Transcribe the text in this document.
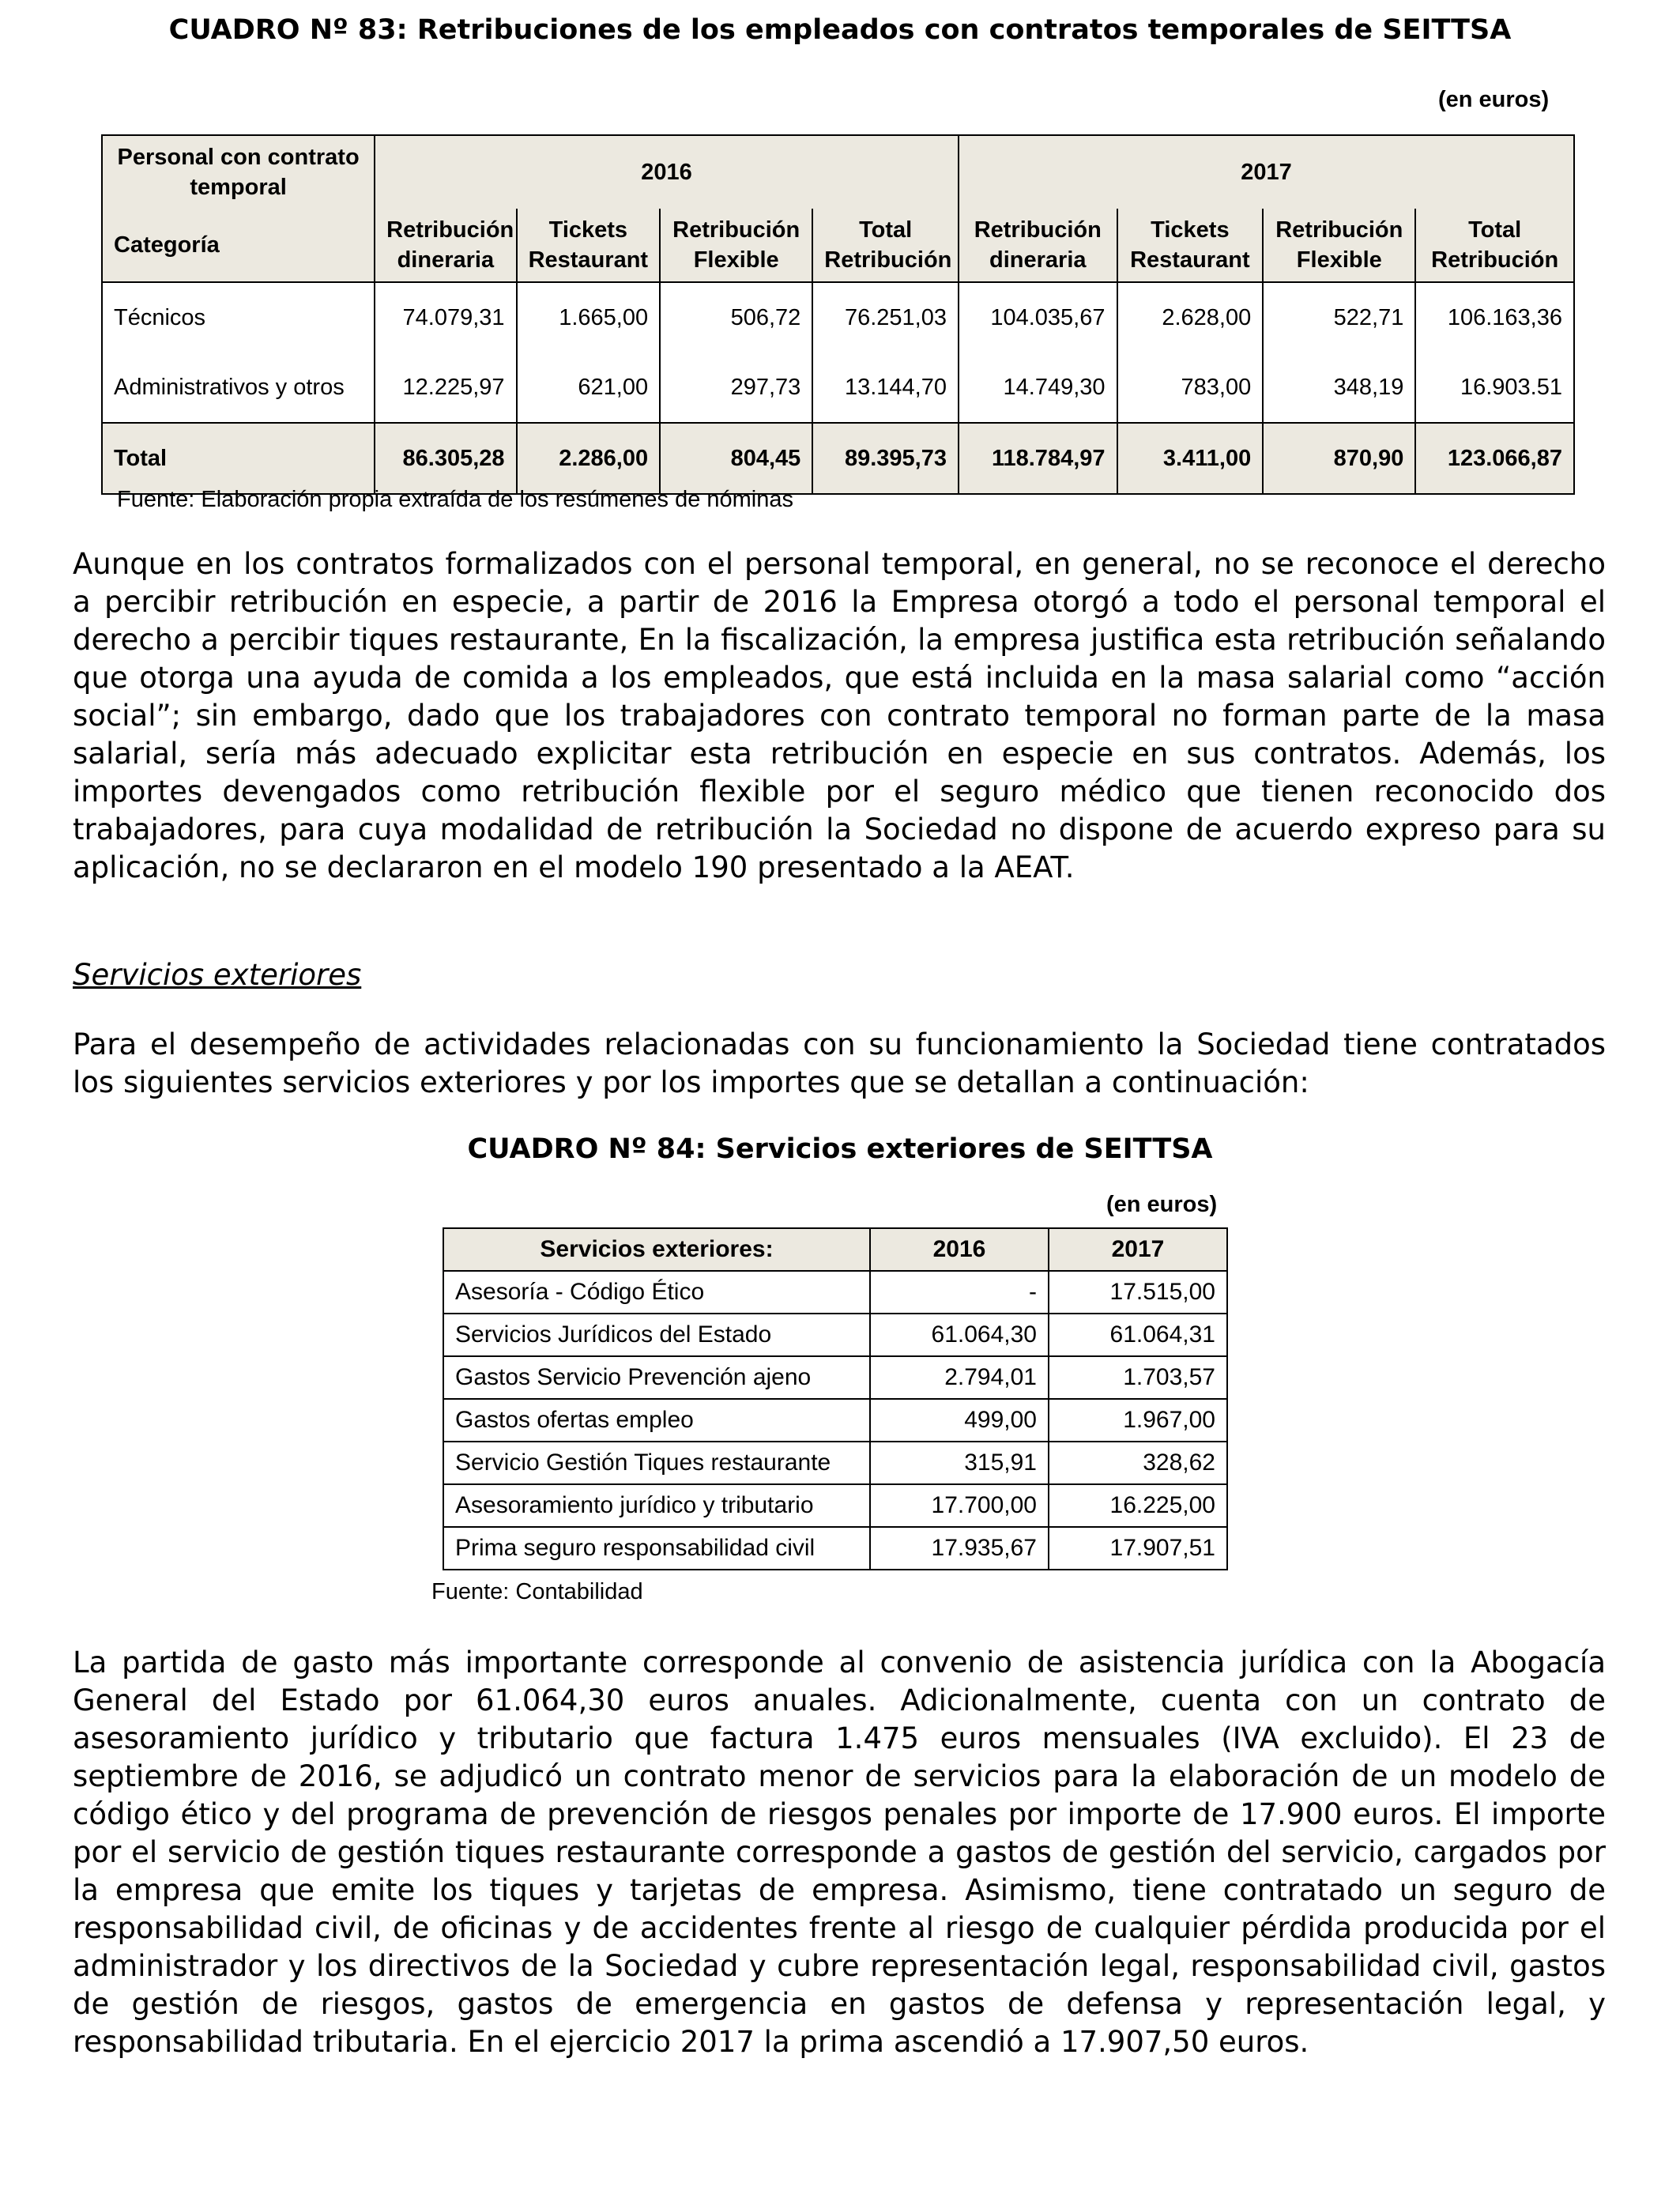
CUADRO Nº 83: Retribuciones de los empleados con contratos temporales de SEITTSA
(en euros)
Personal con contrato temporal	2016				2017			
Categoría	Retribución dineraria	Tickets Restaurant	Retribución Flexible	Total Retribución	Retribución dineraria	Tickets Restaurant	Retribución Flexible	Total Retribución
Técnicos	74.079,31	1.665,00	506,72	76.251,03	104.035,67	2.628,00	522,71	106.163,36
Administrativos y otros	12.225,97	621,00	297,73	13.144,70	14.749,30	783,00	348,19	16.903.51
Total	86.305,28	2.286,00	804,45	89.395,73	118.784,97	3.411,00	870,90	123.066,87
Fuente: Elaboración propia extraída de los resúmenes de nóminas

Aunque en los contratos formalizados con el personal temporal, en general, no se reconoce el derecho a percibir retribución en especie, a partir de 2016 la Empresa otorgó a todo el personal temporal el derecho a percibir tiques restaurante, En la fiscalización, la empresa justifica esta retribución señalando que otorga una ayuda de comida a los empleados, que está incluida en la masa salarial como “acción social”; sin embargo, dado que los trabajadores con contrato temporal no forman parte de la masa salarial, sería más adecuado explicitar esta retribución en especie en sus contratos. Además, los importes devengados como retribución flexible por el seguro médico que tienen reconocido dos trabajadores, para cuya modalidad de retribución la Sociedad no dispone de acuerdo expreso para su aplicación, no se declararon en el modelo 190 presentado a la AEAT.

Servicios exteriores

Para el desempeño de actividades relacionadas con su funcionamiento la Sociedad tiene contratados los siguientes servicios exteriores y por los importes que se detallan a continuación:

CUADRO Nº 84: Servicios exteriores de SEITTSA
(en euros)
Servicios exteriores:	2016	2017
Asesoría - Código Ético	-	17.515,00
Servicios Jurídicos del Estado	61.064,30	61.064,31
Gastos Servicio Prevención ajeno	2.794,01	1.703,57
Gastos ofertas empleo	499,00	1.967,00
Servicio Gestión Tiques restaurante	315,91	328,62
Asesoramiento jurídico y tributario	17.700,00	16.225,00
Prima seguro responsabilidad civil	17.935,67	17.907,51
Fuente: Contabilidad

La partida de gasto más importante corresponde al convenio de asistencia jurídica con la Abogacía General del Estado por 61.064,30 euros anuales. Adicionalmente, cuenta con un contrato de asesoramiento jurídico y tributario que factura 1.475 euros mensuales (IVA excluido). El 23 de septiembre de 2016, se adjudicó un contrato menor de servicios para la elaboración de un modelo de código ético y del programa de prevención de riesgos penales por importe de 17.900 euros. El importe por el servicio de gestión tiques restaurante corresponde a gastos de gestión del servicio, cargados por la empresa que emite los tiques y tarjetas de empresa. Asimismo, tiene contratado un seguro de responsabilidad civil, de oficinas y de accidentes frente al riesgo de cualquier pérdida producida por el administrador y los directivos de la Sociedad y cubre representación legal, responsabilidad civil, gastos de gestión de riesgos, gastos de emergencia en gastos de defensa y representación legal, y responsabilidad tributaria. En el ejercicio 2017 la prima ascendió a 17.907,50 euros.
